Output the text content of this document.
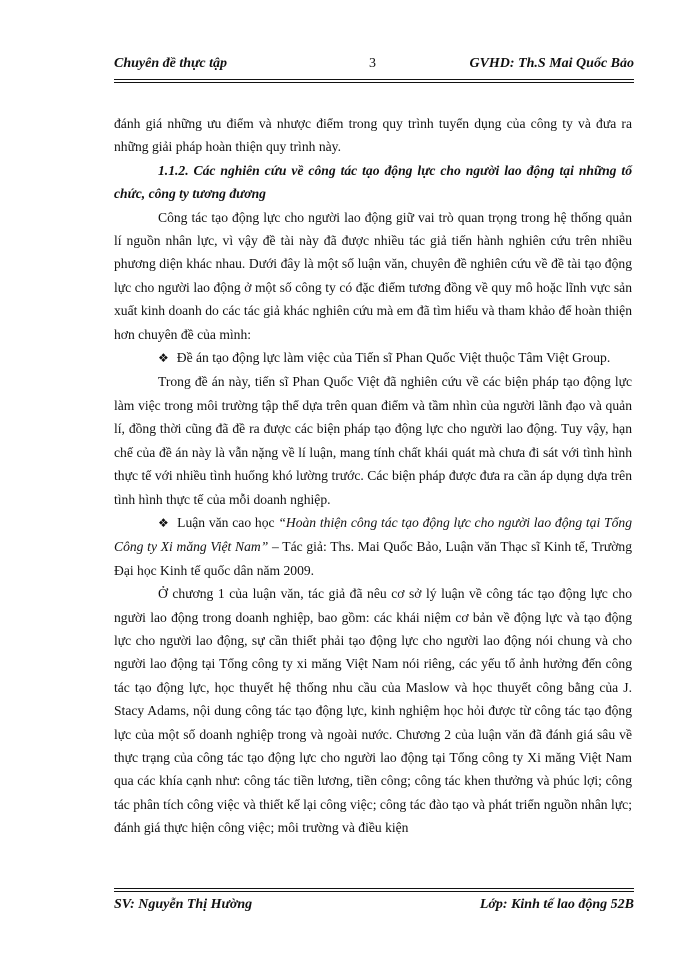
Chuyên đề thực tập	3	GVHD: Th.S Mai Quốc Bảo

đánh giá những ưu điểm và nhược điểm trong quy trình tuyển dụng của công ty và đưa ra những giải pháp hoàn thiện quy trình này.

1.1.2. Các nghiên cứu về công tác tạo động lực cho người lao động tại những tổ chức, công ty tương đương

Công tác tạo động lực cho người lao động giữ vai trò quan trọng trong hệ thống quản lí nguồn nhân lực, vì vậy đề tài này đã được nhiều tác giả tiến hành nghiên cứu trên nhiều phương diện khác nhau. Dưới đây là một số luận văn, chuyên đề nghiên cứu về đề tài tạo động lực cho người lao động ở một số công ty có đặc điểm tương đồng về quy mô hoặc lĩnh vực sản xuất kinh doanh do các tác giả khác nghiên cứu mà em đã tìm hiểu và tham khảo để hoàn thiện hơn chuyên đề của mình:

❖ Đề án tạo động lực làm việc của Tiến sĩ Phan Quốc Việt thuộc Tâm Việt Group.

Trong đề án này, tiến sĩ Phan Quốc Việt đã nghiên cứu về các biện pháp tạo động lực làm việc trong môi trường tập thể dựa trên quan điểm và tầm nhìn của người lãnh đạo và quản lí, đồng thời cũng đã đề ra được các biện pháp tạo động lực cho người lao động. Tuy vậy, hạn chế của đề án này là vẫn nặng về lí luận, mang tính chất khái quát mà chưa đi sát với tình hình thực tế với nhiều tình huống khó lường trước. Các biện pháp được đưa ra cần áp dụng dựa trên tình hình thực tế của mỗi doanh nghiệp.

❖ Luận văn cao học “Hoàn thiện công tác tạo động lực cho người lao động tại Tổng Công ty Xi măng Việt Nam” – Tác giả: Ths. Mai Quốc Bảo, Luận văn Thạc sĩ Kinh tế, Trường Đại học Kinh tế quốc dân năm 2009.

Ở chương 1 của luận văn, tác giả đã nêu cơ sở lý luận về công tác tạo động lực cho người lao động trong doanh nghiệp, bao gồm: các khái niệm cơ bản về động lực và tạo động lực cho người lao động, sự cần thiết phải tạo động lực cho người lao động nói chung và cho người lao động tại Tổng công ty xi măng Việt Nam nói riêng, các yếu tố ảnh hưởng đến công tác tạo động lực, học thuyết hệ thống nhu cầu của Maslow và học thuyết công bằng của J. Stacy Adams, nội dung công tác tạo động lực, kinh nghiệm học hỏi được từ công tác tạo động lực của một số doanh nghiệp trong và ngoài nước. Chương 2 của luận văn đã đánh giá sâu về thực trạng của công tác tạo động lực cho người lao động tại Tổng công ty Xi măng Việt Nam qua các khía cạnh như: công tác tiền lương, tiền công; công tác khen thưởng và phúc lợi; công tác phân tích công việc và thiết kế lại công việc; công tác đào tạo và phát triển nguồn nhân lực; đánh giá thực hiện công việc; môi trường và điều kiện

SV: Nguyễn Thị Hường	Lớp: Kinh tế lao động 52B
